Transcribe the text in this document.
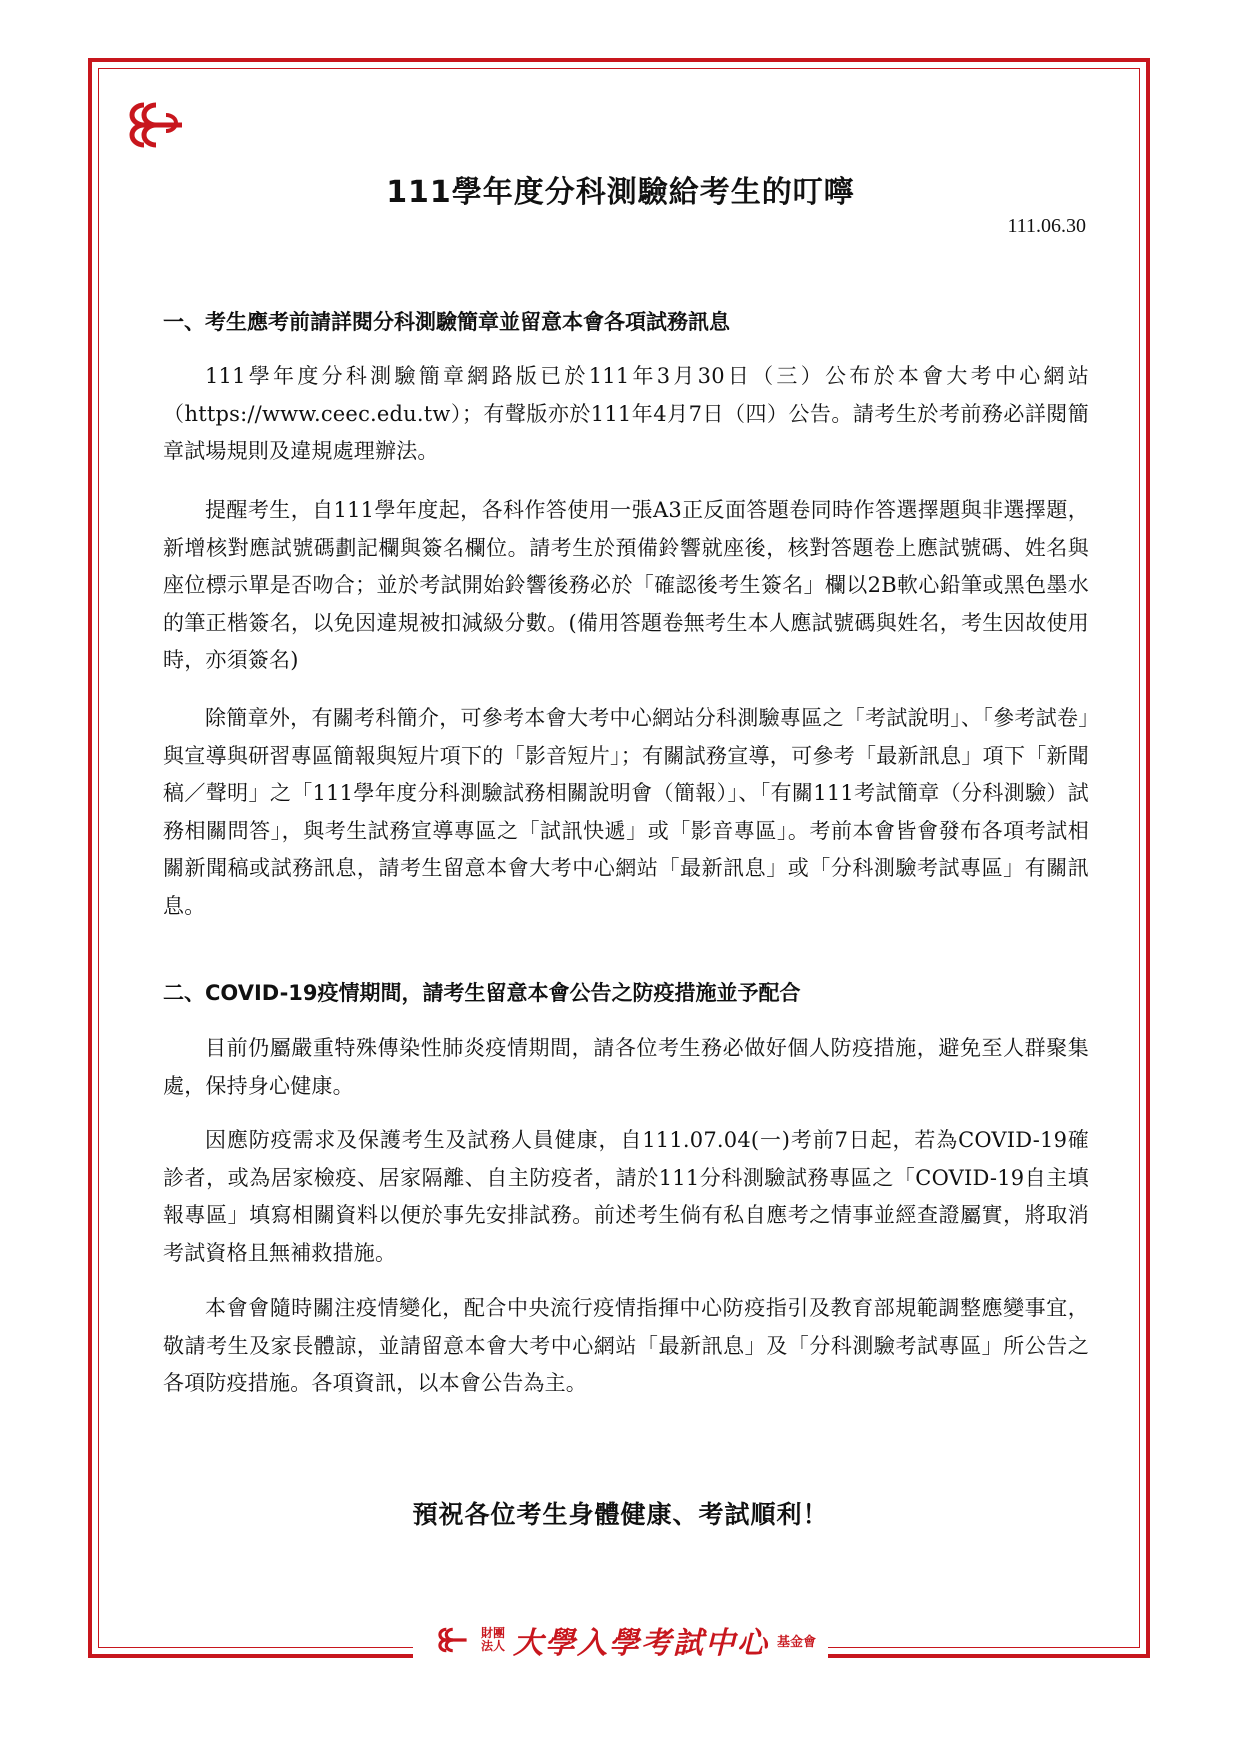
111學年度分科測驗給考生的叮嚀
111.06.30
一、考生應考前請詳閱分科測驗簡章並留意本會各項試務訊息

111學年度分科測驗簡章網路版已於111年3月30日（三）公布於本會大考中心網站（https://www.ceec.edu.tw）；有聲版亦於111年4月7日（四）公告。請考生於考前務必詳閱簡章試場規則及違規處理辦法。

提醒考生，自111學年度起，各科作答使用一張A3正反面答題卷同時作答選擇題與非選擇題，新增核對應試號碼劃記欄與簽名欄位。請考生於預備鈴響就座後，核對答題卷上應試號碼、姓名與座位標示單是否吻合；並於考試開始鈴響後務必於「確認後考生簽名」欄以2B軟心鉛筆或黑色墨水的筆正楷簽名，以免因違規被扣減級分數。(備用答題卷無考生本人應試號碼與姓名，考生因故使用時，亦須簽名)

除簡章外，有關考科簡介，可參考本會大考中心網站分科測驗專區之「考試說明」、「參考試卷」與宣導與研習專區簡報與短片項下的「影音短片」；有關試務宣導，可參考「最新訊息」項下「新聞稿／聲明」之「111學年度分科測驗試務相關說明會（簡報）」、「有關111考試簡章（分科測驗）試務相關問答」，與考生試務宣導專區之「試訊快遞」或「影音專區」。考前本會皆會發布各項考試相關新聞稿或試務訊息，請考生留意本會大考中心網站「最新訊息」或「分科測驗考試專區」有關訊息。

二、COVID-19疫情期間，請考生留意本會公告之防疫措施並予配合

目前仍屬嚴重特殊傳染性肺炎疫情期間，請各位考生務必做好個人防疫措施，避免至人群聚集處，保持身心健康。

因應防疫需求及保護考生及試務人員健康，自111.07.04(一)考前7日起，若為COVID-19確診者，或為居家檢疫、居家隔離、自主防疫者，請於111分科測驗試務專區之「COVID-19自主填報專區」填寫相關資料以便於事先安排試務。前述考生倘有私自應考之情事並經查證屬實，將取消考試資格且無補救措施。

本會會隨時關注疫情變化，配合中央流行疫情指揮中心防疫指引及教育部規範調整應變事宜，敬請考生及家長體諒，並請留意本會大考中心網站「最新訊息」及「分科測驗考試專區」所公告之各項防疫措施。各項資訊，以本會公告為主。

預祝各位考生身體健康、考試順利！

財團
法人 大學入學考試中心 基金會
